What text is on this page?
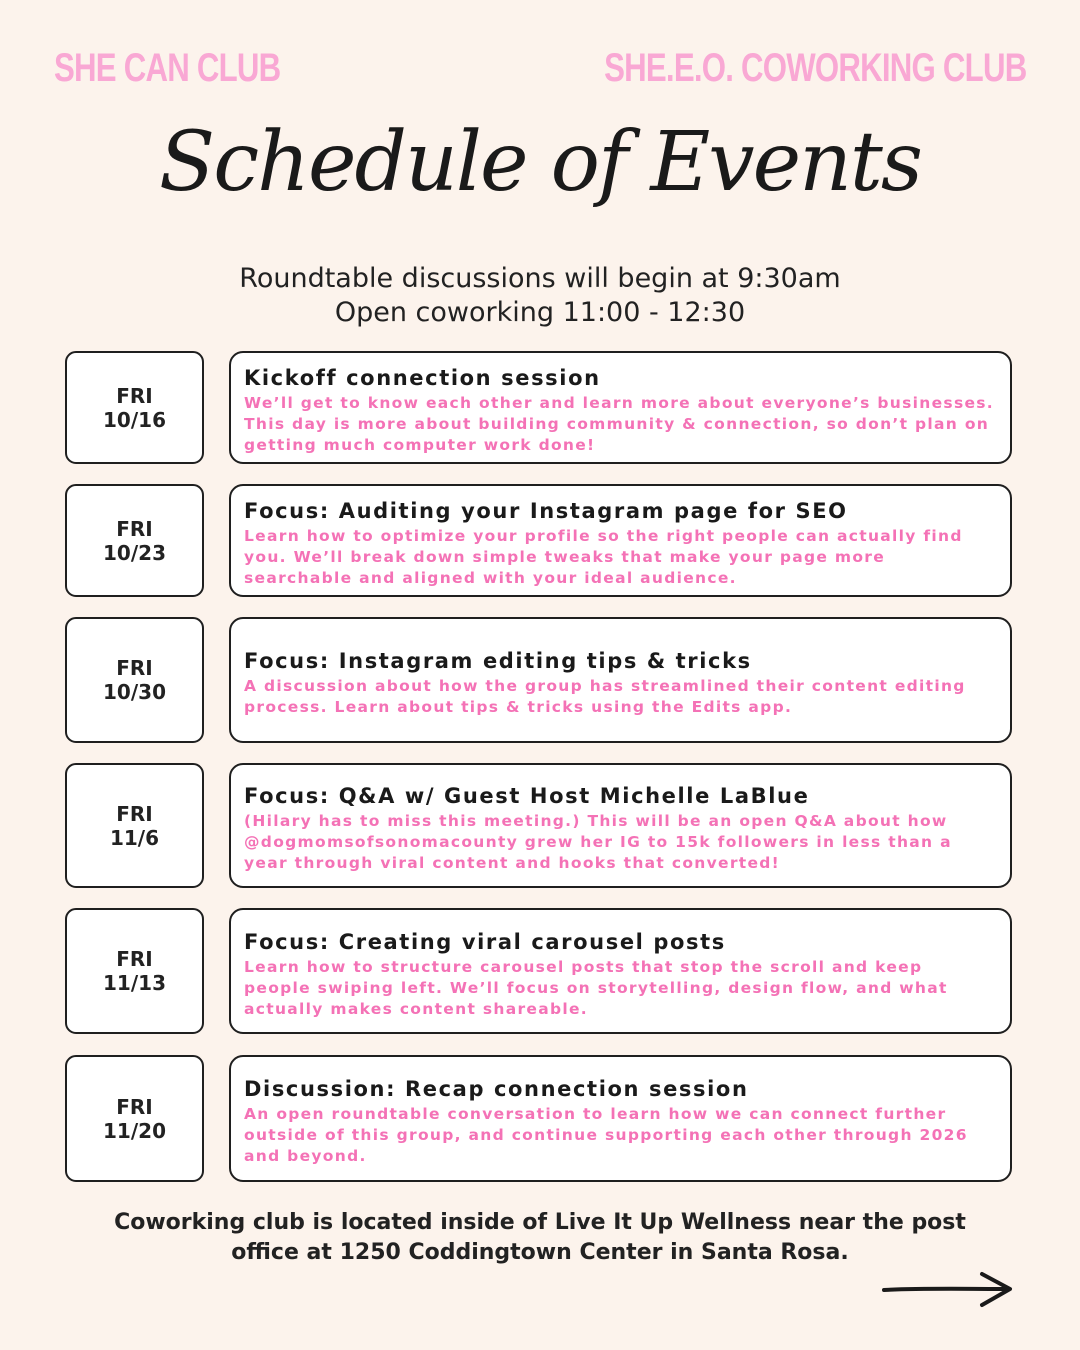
SHE CAN CLUB	SHE.E.O. COWORKING CLUB
Schedule of Events
Roundtable discussions will begin at 9:30am
Open coworking 11:00 - 12:30
FRI
10/16
Kickoff connection session
We’ll get to know each other and learn more about everyone’s businesses. This day is more about building community & connection, so don’t plan on getting much computer work done!
FRI
10/23
Focus: Auditing your Instagram page for SEO
Learn how to optimize your profile so the right people can actually find you. We’ll break down simple tweaks that make your page more searchable and aligned with your ideal audience.
FRI
10/30
Focus: Instagram editing tips & tricks
A discussion about how the group has streamlined their content editing process. Learn about tips & tricks using the Edits app.
FRI
11/6
Focus: Q&A w/ Guest Host Michelle LaBlue
(Hilary has to miss this meeting.) This will be an open Q&A about how @dogmomsofsonomacounty grew her IG to 15k followers in less than a year through viral content and hooks that converted!
FRI
11/13
Focus: Creating viral carousel posts
Learn how to structure carousel posts that stop the scroll and keep people swiping left. We’ll focus on storytelling, design flow, and what actually makes content shareable.
FRI
11/20
Discussion: Recap connection session
An open roundtable conversation to learn how we can connect further outside of this group, and continue supporting each other through 2026 and beyond.
Coworking club is located inside of Live It Up Wellness near the post office at 1250 Coddingtown Center in Santa Rosa.
